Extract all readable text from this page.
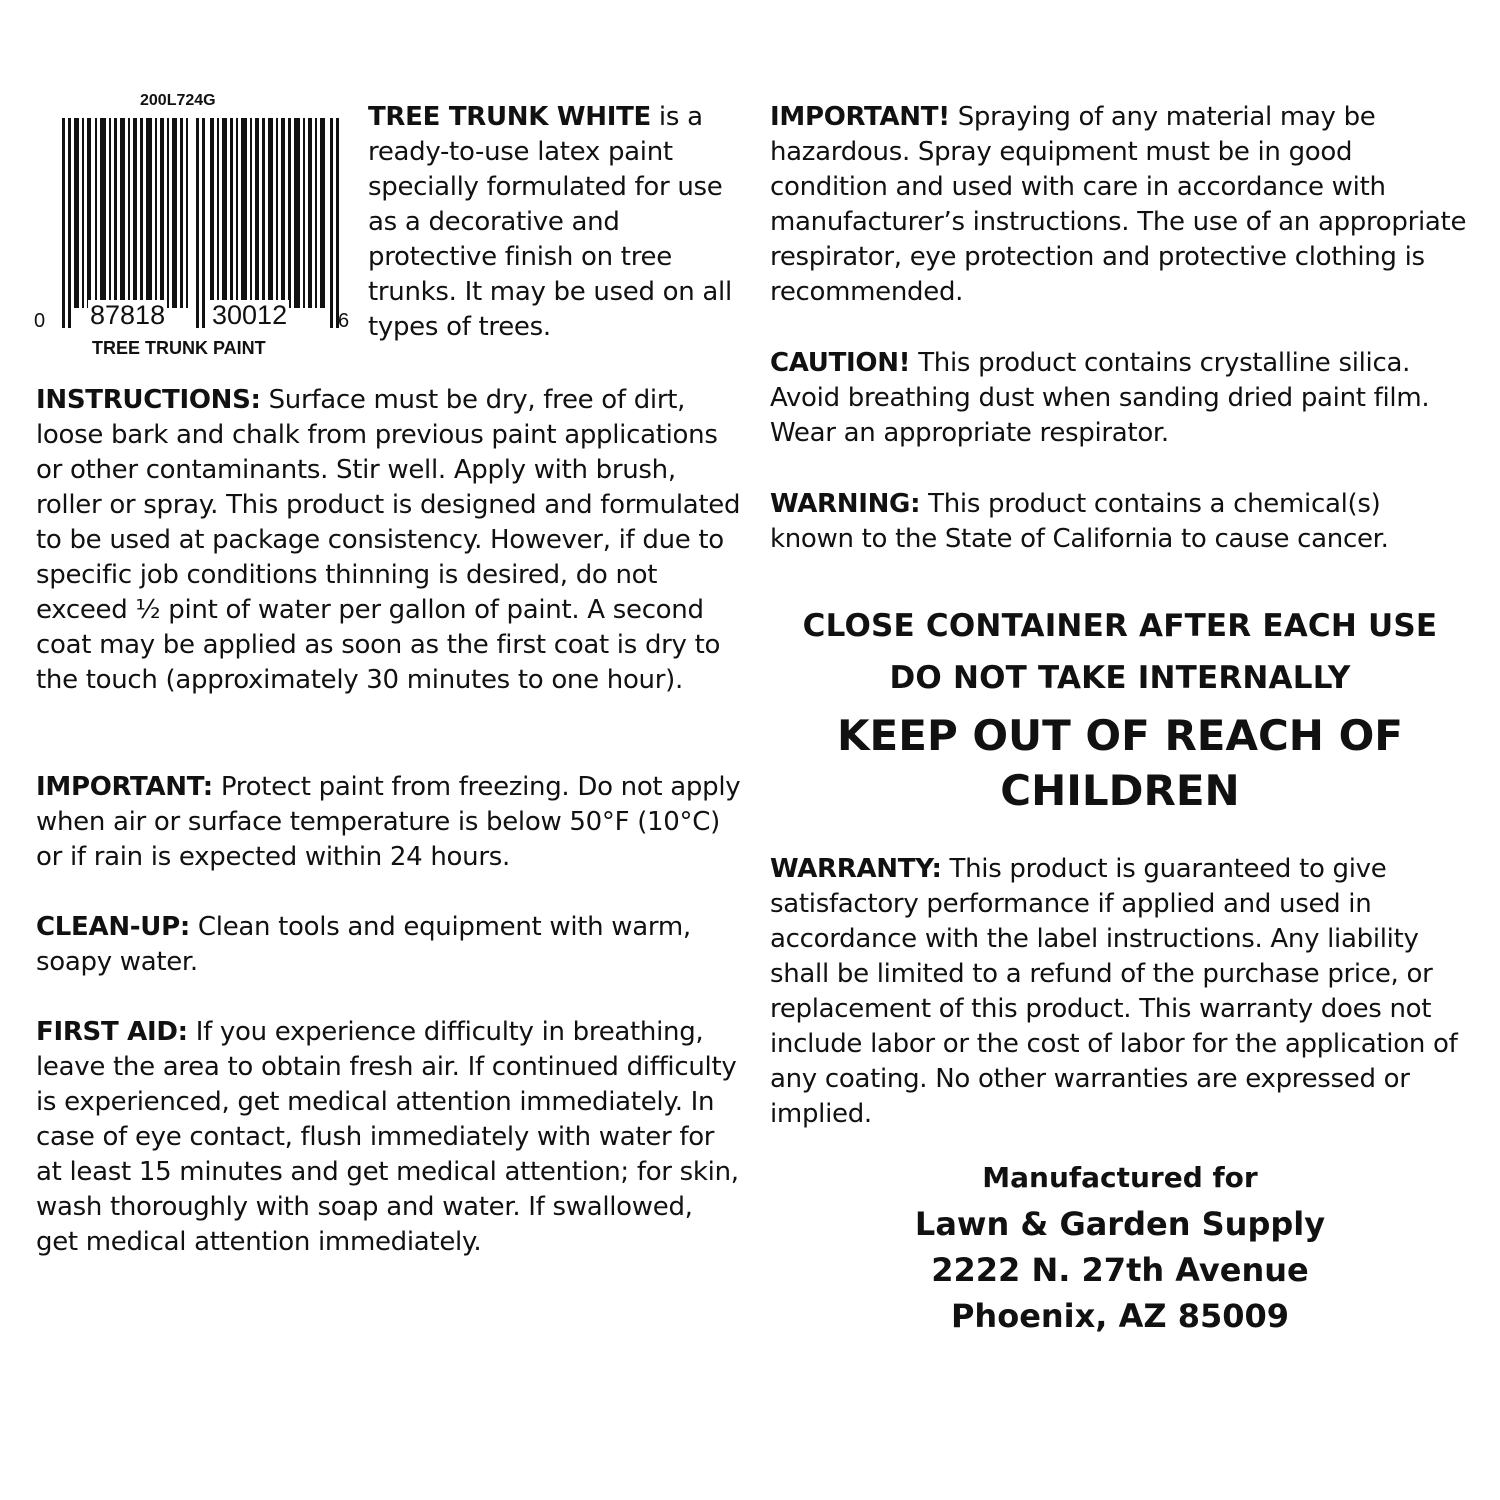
200L724G
0 87818 30012	6
TREE TRUNK PAINT

TREE TRUNK WHITE is a ready-to-use latex paint specially formulated for use as a decorative and protective finish on tree trunks. It may be used on all types of trees.

INSTRUCTIONS: Surface must be dry, free of dirt, loose bark and chalk from previous paint applications or other contaminants. Stir well. Apply with brush, roller or spray. This product is designed and formulated to be used at package consistency. However, if due to specific job conditions thinning is desired, do not exceed ½ pint of water per gallon of paint. A second coat may be applied as soon as the first coat is dry to the touch (approximately 30 minutes to one hour).

IMPORTANT: Protect paint from freezing. Do not apply when air or surface temperature is below 50°F (10°C) or if rain is expected within 24 hours.

CLEAN-UP: Clean tools and equipment with warm, soapy water.

FIRST AID: If you experience difficulty in breathing, leave the area to obtain fresh air. If continued difficulty is experienced, get medical attention immediately. In case of eye contact, flush immediately with water for at least 15 minutes and get medical attention; for skin, wash thoroughly with soap and water. If swallowed, get medical attention immediately.

IMPORTANT! Spraying of any material may be hazardous. Spray equipment must be in good condition and used with care in accordance with manufacturer’s instructions. The use of an appropriate respirator, eye protection and protective clothing is recommended.

CAUTION! This product contains crystalline silica. Avoid breathing dust when sanding dried paint film. Wear an appropriate respirator.

WARNING: This product contains a chemical(s) known to the State of California to cause cancer.

CLOSE CONTAINER AFTER EACH USE
DO NOT TAKE INTERNALLY
KEEP OUT OF REACH OF
CHILDREN

WARRANTY: This product is guaranteed to give satisfactory performance if applied and used in accordance with the label instructions. Any liability shall be limited to a refund of the purchase price, or replacement of this product. This warranty does not include labor or the cost of labor for the application of any coating. No other warranties are expressed or implied.

Manufactured for
Lawn & Garden Supply
2222 N. 27th Avenue
Phoenix, AZ 85009
